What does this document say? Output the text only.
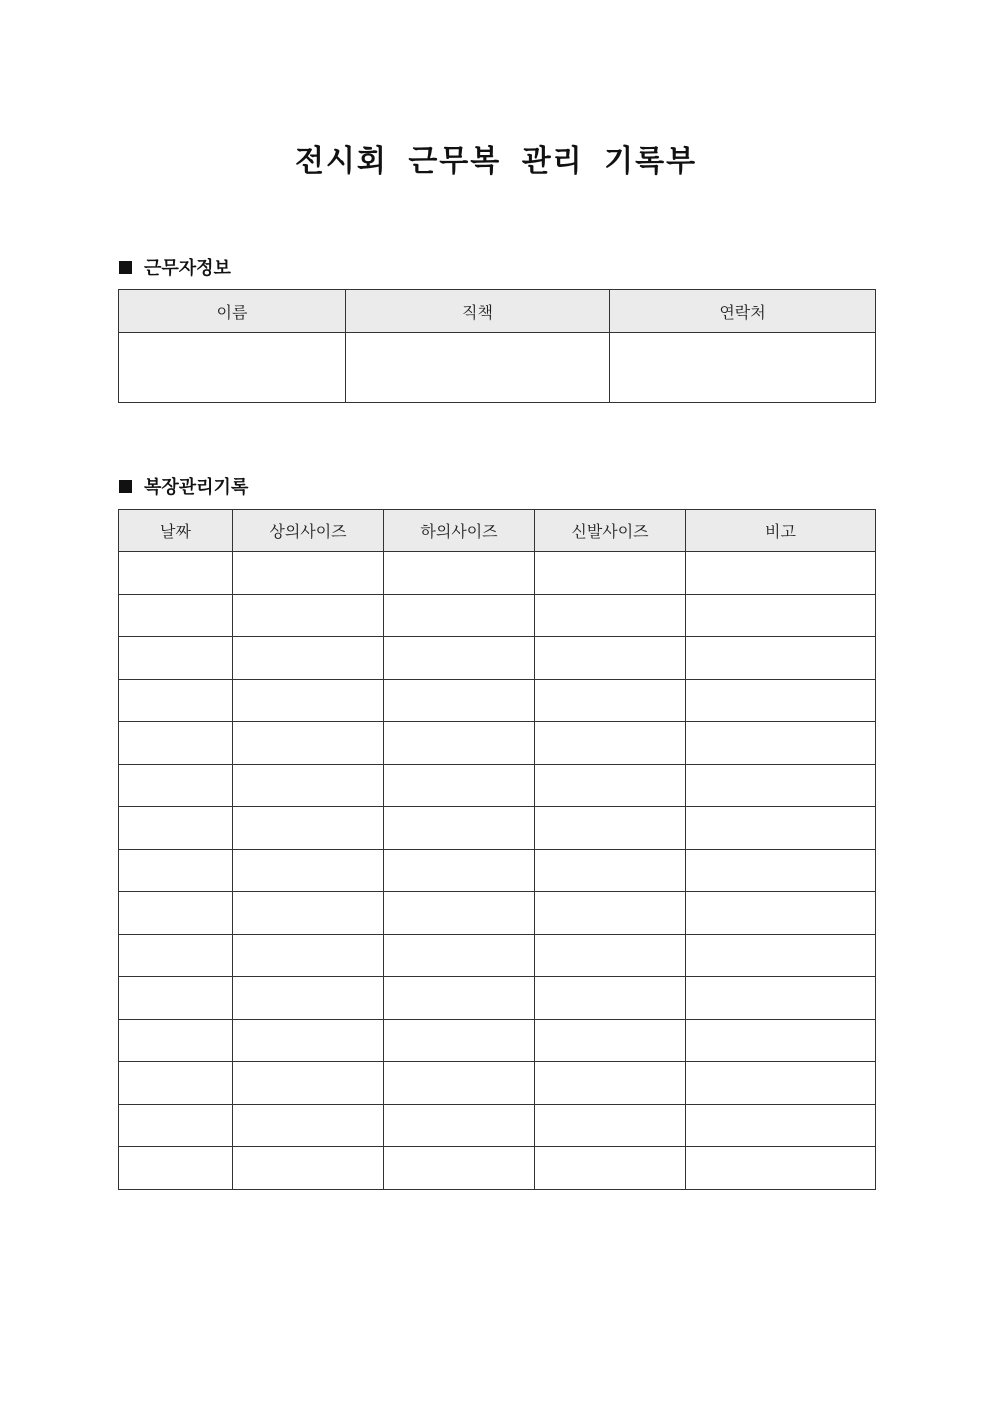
전시회 근무복 관리 기록부
근무자정보
이름	직책	연락처

복장관리기록
날짜	상의사이즈	하의사이즈	신발사이즈	비고
